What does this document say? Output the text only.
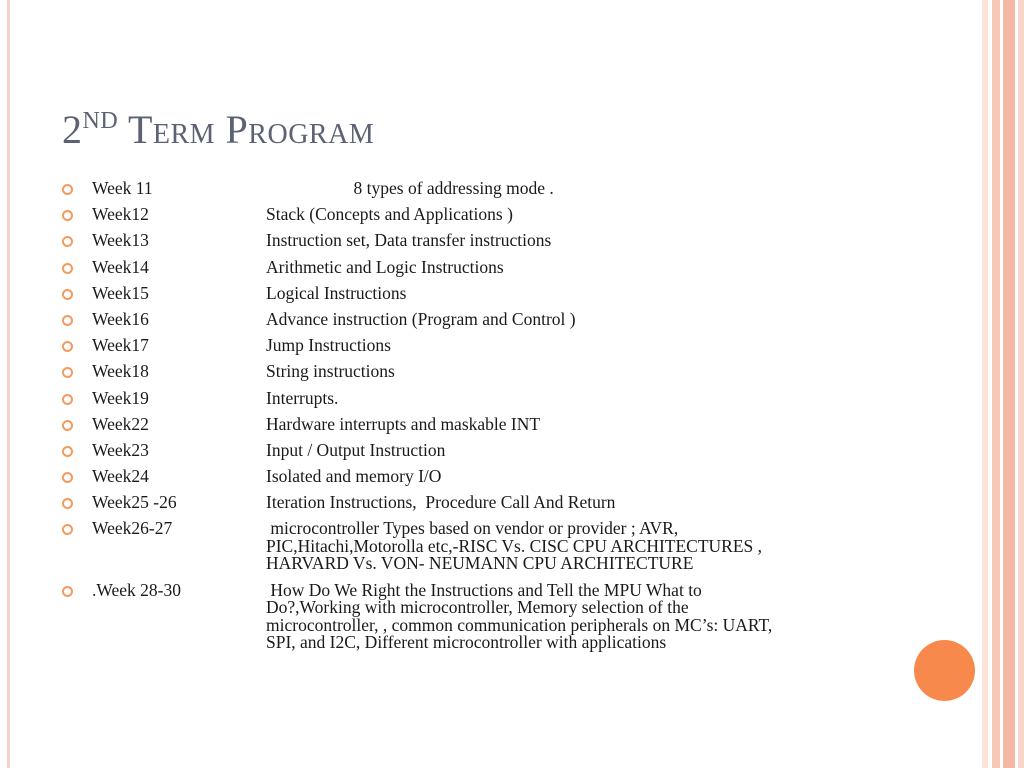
2ND Term Program
Week 11	8 types of addressing mode .
Week12	Stack (Concepts and Applications )
Week13	Instruction set, Data transfer instructions
Week14	Arithmetic and Logic Instructions
Week15	Logical Instructions
Week16	Advance instruction (Program and Control )
Week17	Jump Instructions
Week18	String instructions
Week19	Interrupts.
Week22	Hardware interrupts and maskable INT
Week23	Input / Output Instruction
Week24	Isolated and memory I/O
Week25 -26	Iteration Instructions,  Procedure Call And Return
Week26-27	microcontroller Types based on vendor or provider ; AVR,
PIC,Hitachi,Motorolla etc,-RISC Vs. CISC CPU ARCHITECTURES ,
HARVARD Vs. VON- NEUMANN CPU ARCHITECTURE
.Week 28-30	How Do We Right the Instructions and Tell the MPU What to
Do?,Working with microcontroller, Memory selection of the
microcontroller, , common communication peripherals on MC’s: UART,
SPI, and I2C, Different microcontroller with applications
